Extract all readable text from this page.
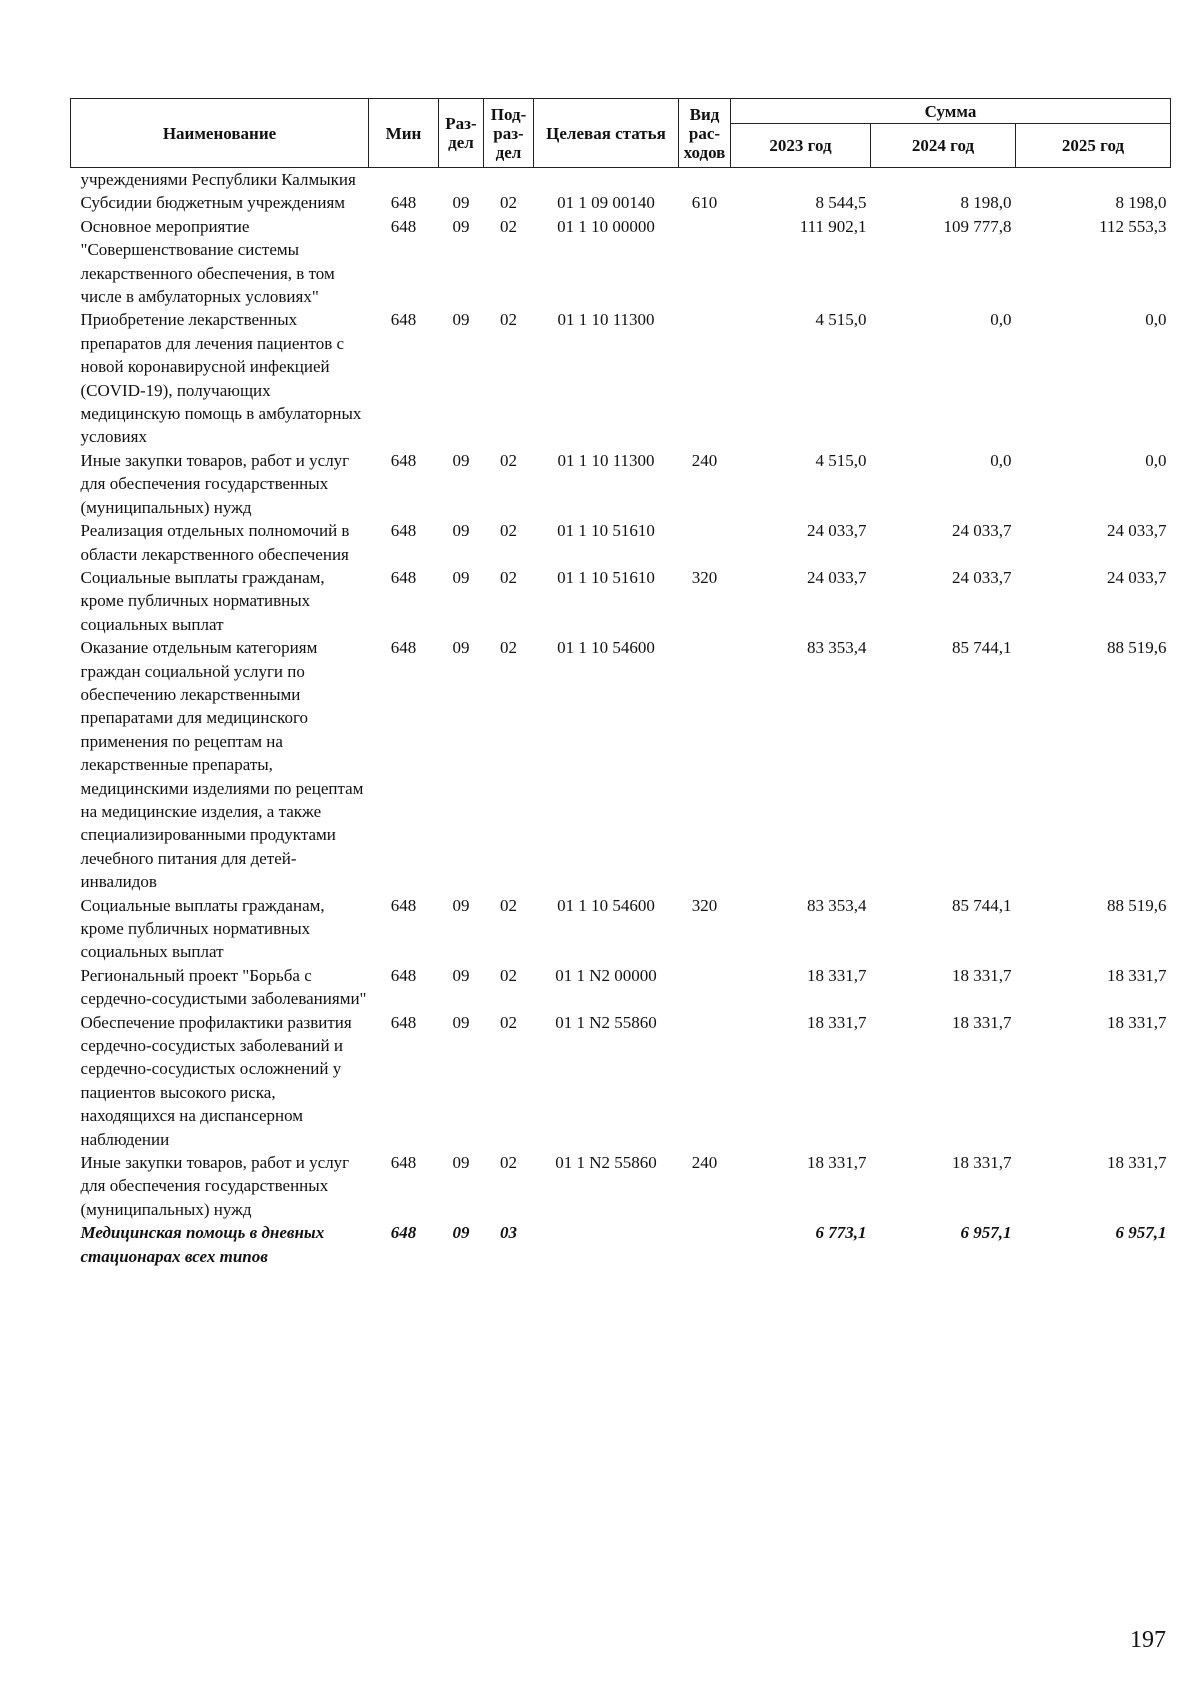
Наименование	Мин	Раз-дел	Под-раз-дел	Целевая статья	Вид рас-ходов	Сумма		
						2023 год	2024 год	2025 год
учреждениями Республики Калмыкия								
Субсидии бюджетным учреждениям	648	09	02	01 1 09 00140	610	8 544,5	8 198,0	8 198,0
Основное мероприятие "Совершенствование системы лекарственного обеспечения, в том числе в амбулаторных условиях"	648	09	02	01 1 10 00000		111 902,1	109 777,8	112 553,3
Приобретение лекарственных препаратов для лечения пациентов с новой коронавирусной инфекцией (COVID-19), получающих медицинскую помощь в амбулаторных условиях	648	09	02	01 1 10 11300		4 515,0	0,0	0,0
Иные закупки товаров, работ и услуг для обеспечения государственных (муниципальных) нужд	648	09	02	01 1 10 11300	240	4 515,0	0,0	0,0
Реализация отдельных полномочий в области лекарственного обеспечения	648	09	02	01 1 10 51610		24 033,7	24 033,7	24 033,7
Социальные выплаты гражданам, кроме публичных нормативных социальных выплат	648	09	02	01 1 10 51610	320	24 033,7	24 033,7	24 033,7
Оказание отдельным категориям граждан социальной услуги по обеспечению лекарственными препаратами для медицинского применения по рецептам на лекарственные препараты, медицинскими изделиями по рецептам на медицинские изделия, а также специализированными продуктами лечебного питания для детей-инвалидов	648	09	02	01 1 10 54600		83 353,4	85 744,1	88 519,6
Социальные выплаты гражданам, кроме публичных нормативных социальных выплат	648	09	02	01 1 10 54600	320	83 353,4	85 744,1	88 519,6
Региональный проект "Борьба с сердечно-сосудистыми заболеваниями"	648	09	02	01 1 N2 00000		18 331,7	18 331,7	18 331,7
Обеспечение профилактики развития сердечно-сосудистых заболеваний и сердечно-сосудистых осложнений у пациентов высокого риска, находящихся на диспансерном наблюдении	648	09	02	01 1 N2 55860		18 331,7	18 331,7	18 331,7
Иные закупки товаров, работ и услуг для обеспечения государственных (муниципальных) нужд	648	09	02	01 1 N2 55860	240	18 331,7	18 331,7	18 331,7
Медицинская помощь в дневных стационарах всех типов	648	09	03			6 773,1	6 957,1	6 957,1
197
